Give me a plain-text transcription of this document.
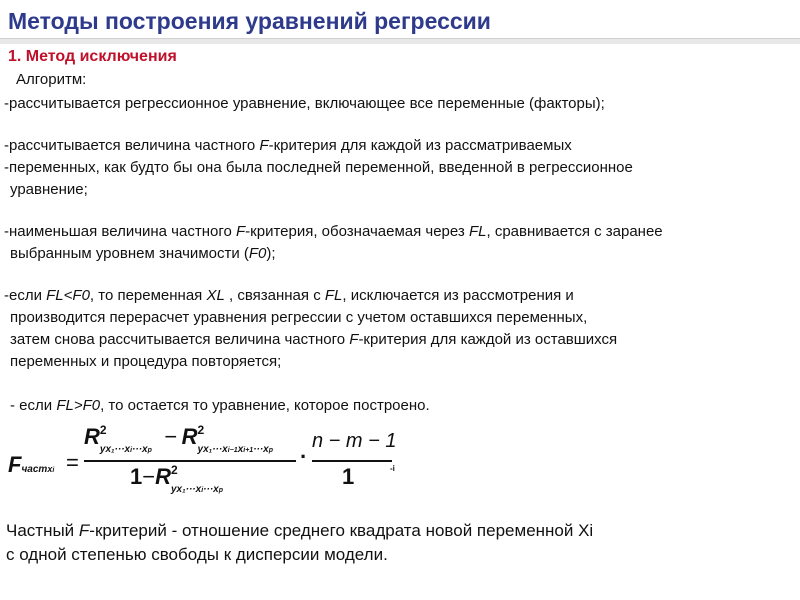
Методы построения уравнений регрессии
1. Метод исключения
Алгоритм:
-рассчитывается регрессионное уравнение, включающее все переменные (факторы);
-рассчитывается величина частного F-критерия для каждой из рассматриваемых
-переменных, как будто бы она была последней переменной, введенной в регрессионное
уравнение;
-наименьшая величина частного F-критерия, обозначаемая через FL, сравнивается с заранее
выбранным уровнем значимости (F0);
-если FL<F0, то переменная XL , связанная с FL, исключается из рассмотрения и
производится перерасчет уравнения регрессии с учетом оставшихся переменных,
затем снова рассчитывается величина частного F-критерия для каждой из оставшихся
переменных и процедура повторяется;
- если FL>F0, то остается то уравнение, которое построено.
Fчастxi =
R 2
$_{yx_1\cdot\cdot\cdot xi\cdot\cdot\cdot xp}$ − R 2
$_{yx_1\cdot\cdot\cdot xi-1xi+1\cdot\cdot\cdot xp}$
1−R 2
$_{yx_1\cdot\cdot\cdot xi\cdot\cdot\cdot xp}$
·
n − m − 1
1	-i
Частный F-критерий - отношение среднего квадрата новой переменной Xi
с одной степенью свободы к дисперсии модели.
